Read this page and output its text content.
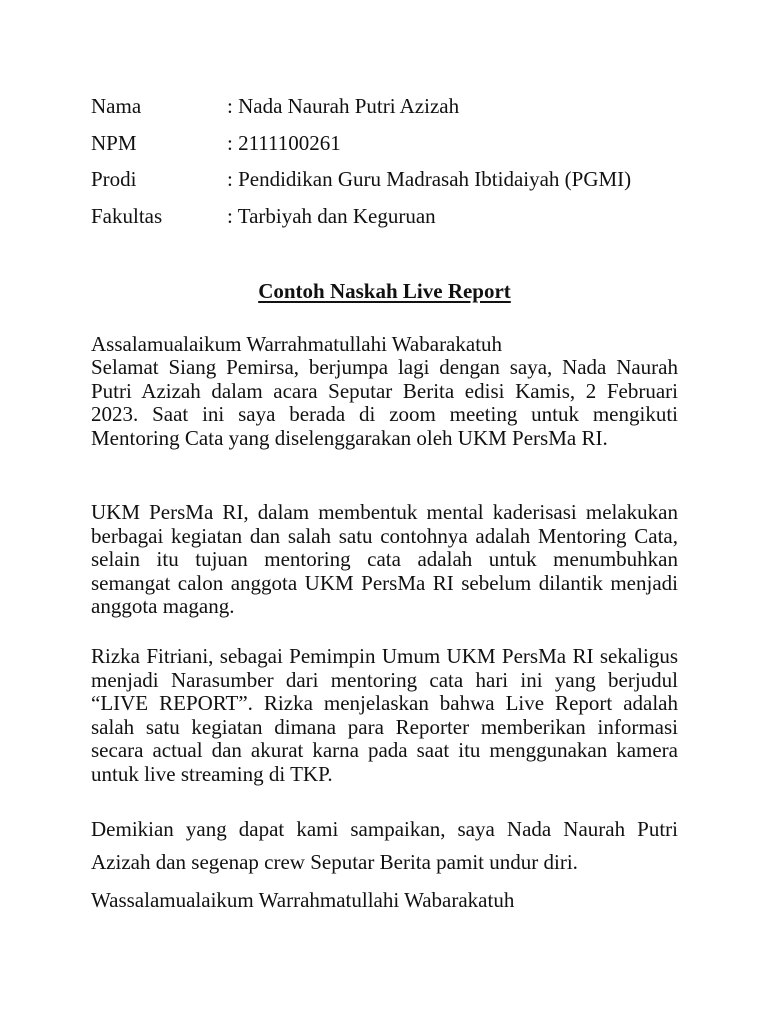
Nama	: Nada Naurah Putri Azizah
NPM	: 2111100261
Prodi	: Pendidikan Guru Madrasah Ibtidaiyah (PGMI)
Fakultas	: Tarbiyah dan Keguruan
Contoh Naskah Live Report

Assalamualaikum Warrahmatullahi Wabarakatuh

Selamat Siang Pemirsa, berjumpa lagi dengan saya, Nada Naurah Putri Azizah dalam acara Seputar Berita edisi Kamis, 2 Februari 2023. Saat ini saya berada di zoom meeting untuk mengikuti Mentoring Cata yang diselenggarakan oleh UKM PersMa RI.

UKM PersMa RI, dalam membentuk mental kaderisasi melakukan berbagai kegiatan dan salah satu contohnya adalah Mentoring Cata, selain itu tujuan mentoring cata adalah untuk menumbuhkan semangat calon anggota UKM PersMa RI sebelum dilantik menjadi anggota magang.

Rizka Fitriani, sebagai Pemimpin Umum UKM PersMa RI sekaligus menjadi Narasumber dari mentoring cata hari ini yang berjudul “LIVE REPORT”. Rizka menjelaskan bahwa Live Report adalah salah satu kegiatan dimana para Reporter memberikan informasi secara actual dan akurat karna pada saat itu menggunakan kamera untuk live streaming di TKP.

Demikian yang dapat kami sampaikan, saya Nada Naurah Putri Azizah dan segenap crew Seputar Berita pamit undur diri.

Wassalamualaikum Warrahmatullahi Wabarakatuh
